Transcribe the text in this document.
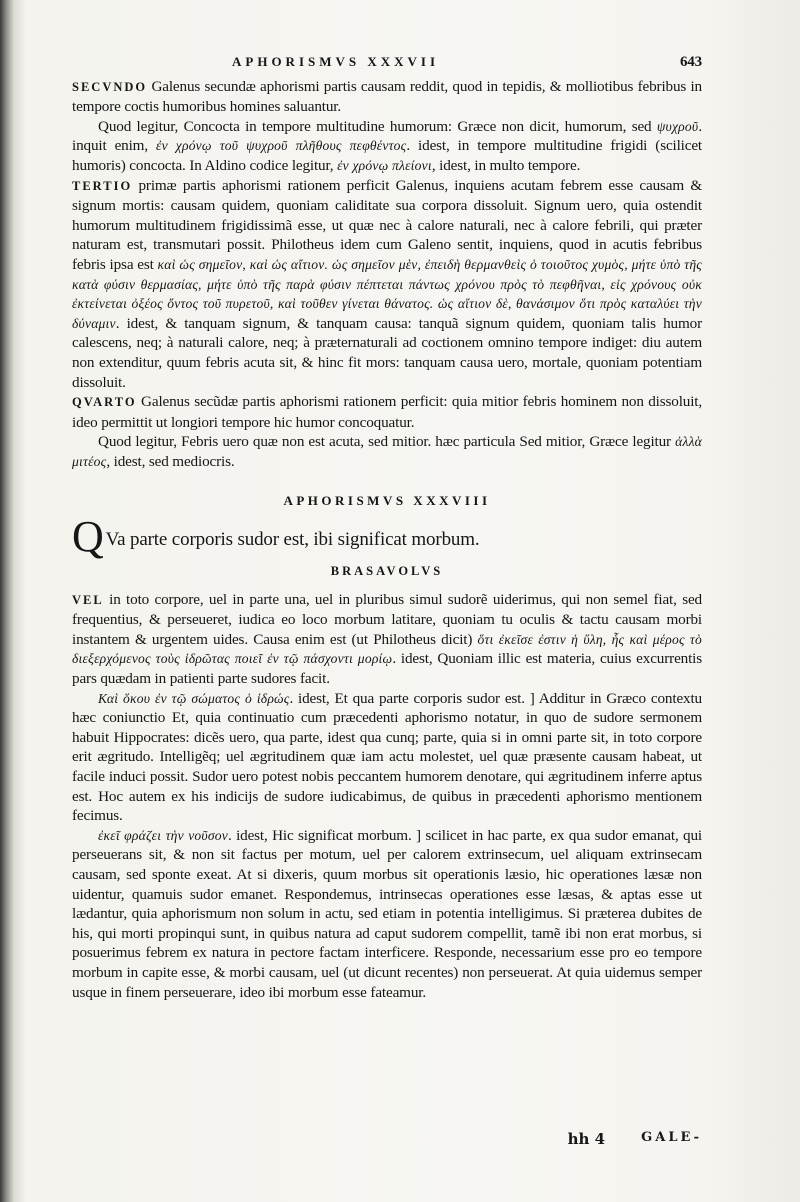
APHORISMVS XXXVII	643

SECVNDO Galenus secundæ aphorismi partis causam reddit, quod in tepidis, & molliotibus febribus in tempore coctis humoribus homines saluantur.

Quod legitur, Concocta in tempore multitudine humorum: Græce non dicit, humorum, sed ψυχροῦ. inquit enim, ἐν χρόνῳ τοῦ ψυχροῦ πλῆθους πεφθέντος. idest, in tempore multitudine frigidi (scilicet humoris) concocta. In Aldino codice legitur, ἐν χρόνῳ πλείονι, idest, in multo tempore.

TERTIO primæ partis aphorismi rationem perficit Galenus, inquiens acutam febrem esse causam & signum mortis: causam quidem, quoniam caliditate sua corpora dissoluit. Signum uero, quia ostendit humorum multitudinem frigidissimã esse, ut quæ nec à calore naturali, nec à calore febrili, qui præter naturam est, transmutari possit. Philotheus idem cum Galeno sentit, inquiens, quod in acutis febribus febris ipsa est καὶ ὡς σημεῖον, καὶ ὡς αἴτιον. ὡς σημεῖον μὲν, ἐπειδὴ θερμανθεὶς ὁ τοιοῦτος χυμὸς, μήτε ὑπὸ τῆς κατὰ φύσιν θερμασίας, μήτε ὑπὸ τῆς παρὰ φύσιν πέπτεται πάντως χρόνου πρὸς τὸ πεφθῆναι, εἰς χρόνους οὐκ ἐκτείνεται ὀξέος ὄντος τοῦ πυρετοῦ, καὶ τοῦθεν γίνεται θάνατος. ὡς αἴτιον δὲ, θανάσιμον ὅτι πρὸς καταλύει τὴν δύναμιν. idest, & tanquam signum, & tanquam causa: tanquã signum quidem, quoniam talis humor calescens, neq; à naturali calore, neq; à præternaturali ad coctionem omnino tempore indiget: diu autem non extenditur, quum febris acuta sit, & hinc fit mors: tanquam causa uero, mortale, quoniam potentiam dissoluit.

QVARTO Galenus secũdæ partis aphorismi rationem perficit: quia mitior febris hominem non dissoluit, ideo permittit ut longiori tempore hic humor concoquatur.

Quod legitur, Febris uero quæ non est acuta, sed mitior. hæc particula Sed mitior, Græce legitur ἀλλὰ μιτέος, idest, sed mediocris.

APHORISMVS XXXVIII

Q Va parte corporis sudor est, ibi significat morbum.

BRASAVOLVS

VEL in toto corpore, uel in parte una, uel in pluribus simul sudorẽ uiderimus, qui non semel fiat, sed frequentius, & perseueret, iudica eo loco morbum latitare, quoniam tu oculis & tactu causam morbi instantem & urgentem uides. Causa enim est (ut Philotheus dicit) ὅτι ἐκεῖσε ἐστιν ἡ ὕλη, ἧς καὶ μέρος τὸ διεξερχόμενος τοὺς ἱδρῶτας ποιεῖ ἐν τῷ πάσχοντι μορίῳ. idest, Quoniam illic est materia, cuius excurrentis pars quædam in patienti parte sudores facit.

Καὶ ὅκου ἐν τῷ σώματος ὁ ἱδρώς. idest, Et qua parte corporis sudor est. ] Additur in Græco contextu hæc coniunctio Et, quia continuatio cum præcedenti aphorismo notatur, in quo de sudore sermonem habuit Hippocrates: dicẽs uero, qua parte, idest qua cunq; parte, quia si in omni parte sit, in toto corpore erit ægritudo. Intelligẽq; uel ægritudinem quæ iam actu molestet, uel quæ præsente causam habeat, ut facile induci possit. Sudor uero potest nobis peccantem humorem denotare, qui ægritudinem inferre aptus est. Hoc autem ex his indicijs de sudore iudicabimus, de quibus in præcedenti aphorismo mentionem fecimus.

ἐκεῖ φράζει τὴν νοῦσον. idest, Hic significat morbum. ] scilicet in hac parte, ex qua sudor emanat, qui perseuerans sit, & non sit factus per motum, uel per calorem extrinsecum, uel aliquam extrinsecam causam, sed sponte exeat. At si dixeris, quum morbus sit operationis læsio, hic operationes læsæ non uidentur, quamuis sudor emanet. Respondemus, intrinsecas operationes esse læsas, & aptas esse ut lædantur, quia aphorismum non solum in actu, sed etiam in potentia intelligimus. Si præterea dubites de his, qui morti propinqui sunt, in quibus natura ad caput sudorem compellit, tamẽ ibi non erat morbus, si posuerimus febrem ex natura in pectore factam interficere. Responde, necessarium esse pro eo tempore morbum in capite esse, & morbi causam, uel (ut dicunt recentes) non perseuerat. At quia uidemus semper usque in finem perseuerare, ideo ibi morbum esse fateamur.

hh 4	GALE-
